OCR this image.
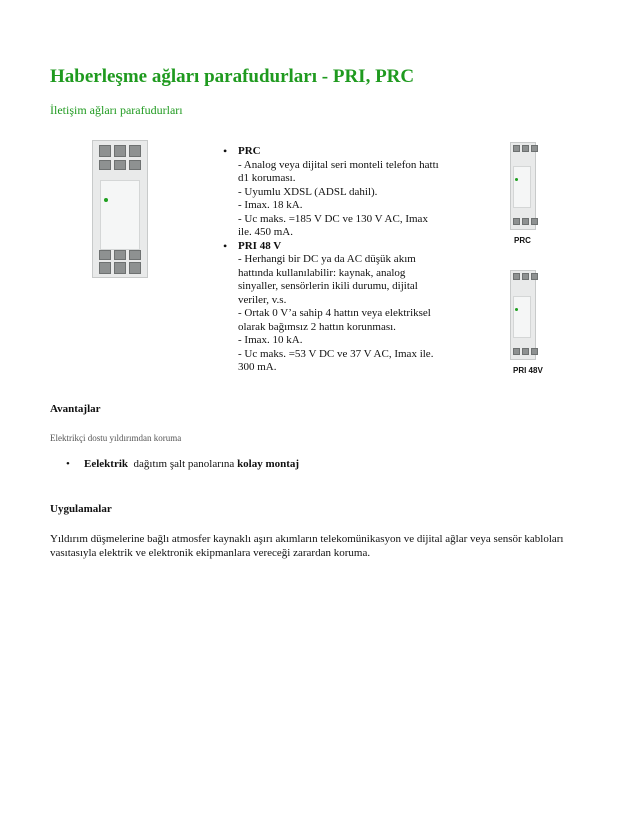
Haberleşme ağları parafudurları - PRI, PRC
İletişim ağları parafudurları
• PRC
- Analog veya dijital seri monteli telefon hattı
d1 koruması.
- Uyumlu XDSL (ADSL dahil).
- Imax. 18 kA.
- Uc maks. =185 V DC ve 130 V AC, Imax
ile. 450 mA.
• PRI 48 V
- Herhangi bir DC ya da AC düşük akım
hattında kullanılabilir: kaynak, analog
sinyaller, sensörlerin ikili durumu, dijital
veriler, v.s.
- Ortak 0 V’a sahip 4 hattın veya elektriksel
olarak bağımsız 2 hattın korunması.
- Imax. 10 kA.
- Uc maks. =53 V DC ve 37 V AC, Imax ile.
300 mA.
PRC
PRI 48V
Avantajlar
Elektrikçi dostu yıldırımdan koruma
• Eelektrik  dağıtım şalt panolarına kolay montaj
Uygulamalar
Yıldırım düşmelerine bağlı atmosfer kaynaklı aşırı akımların telekomünikasyon ve dijital ağlar veya sensör kabloları vasıtasıyla elektrik ve elektronik ekipmanlara vereceği zarardan koruma.
